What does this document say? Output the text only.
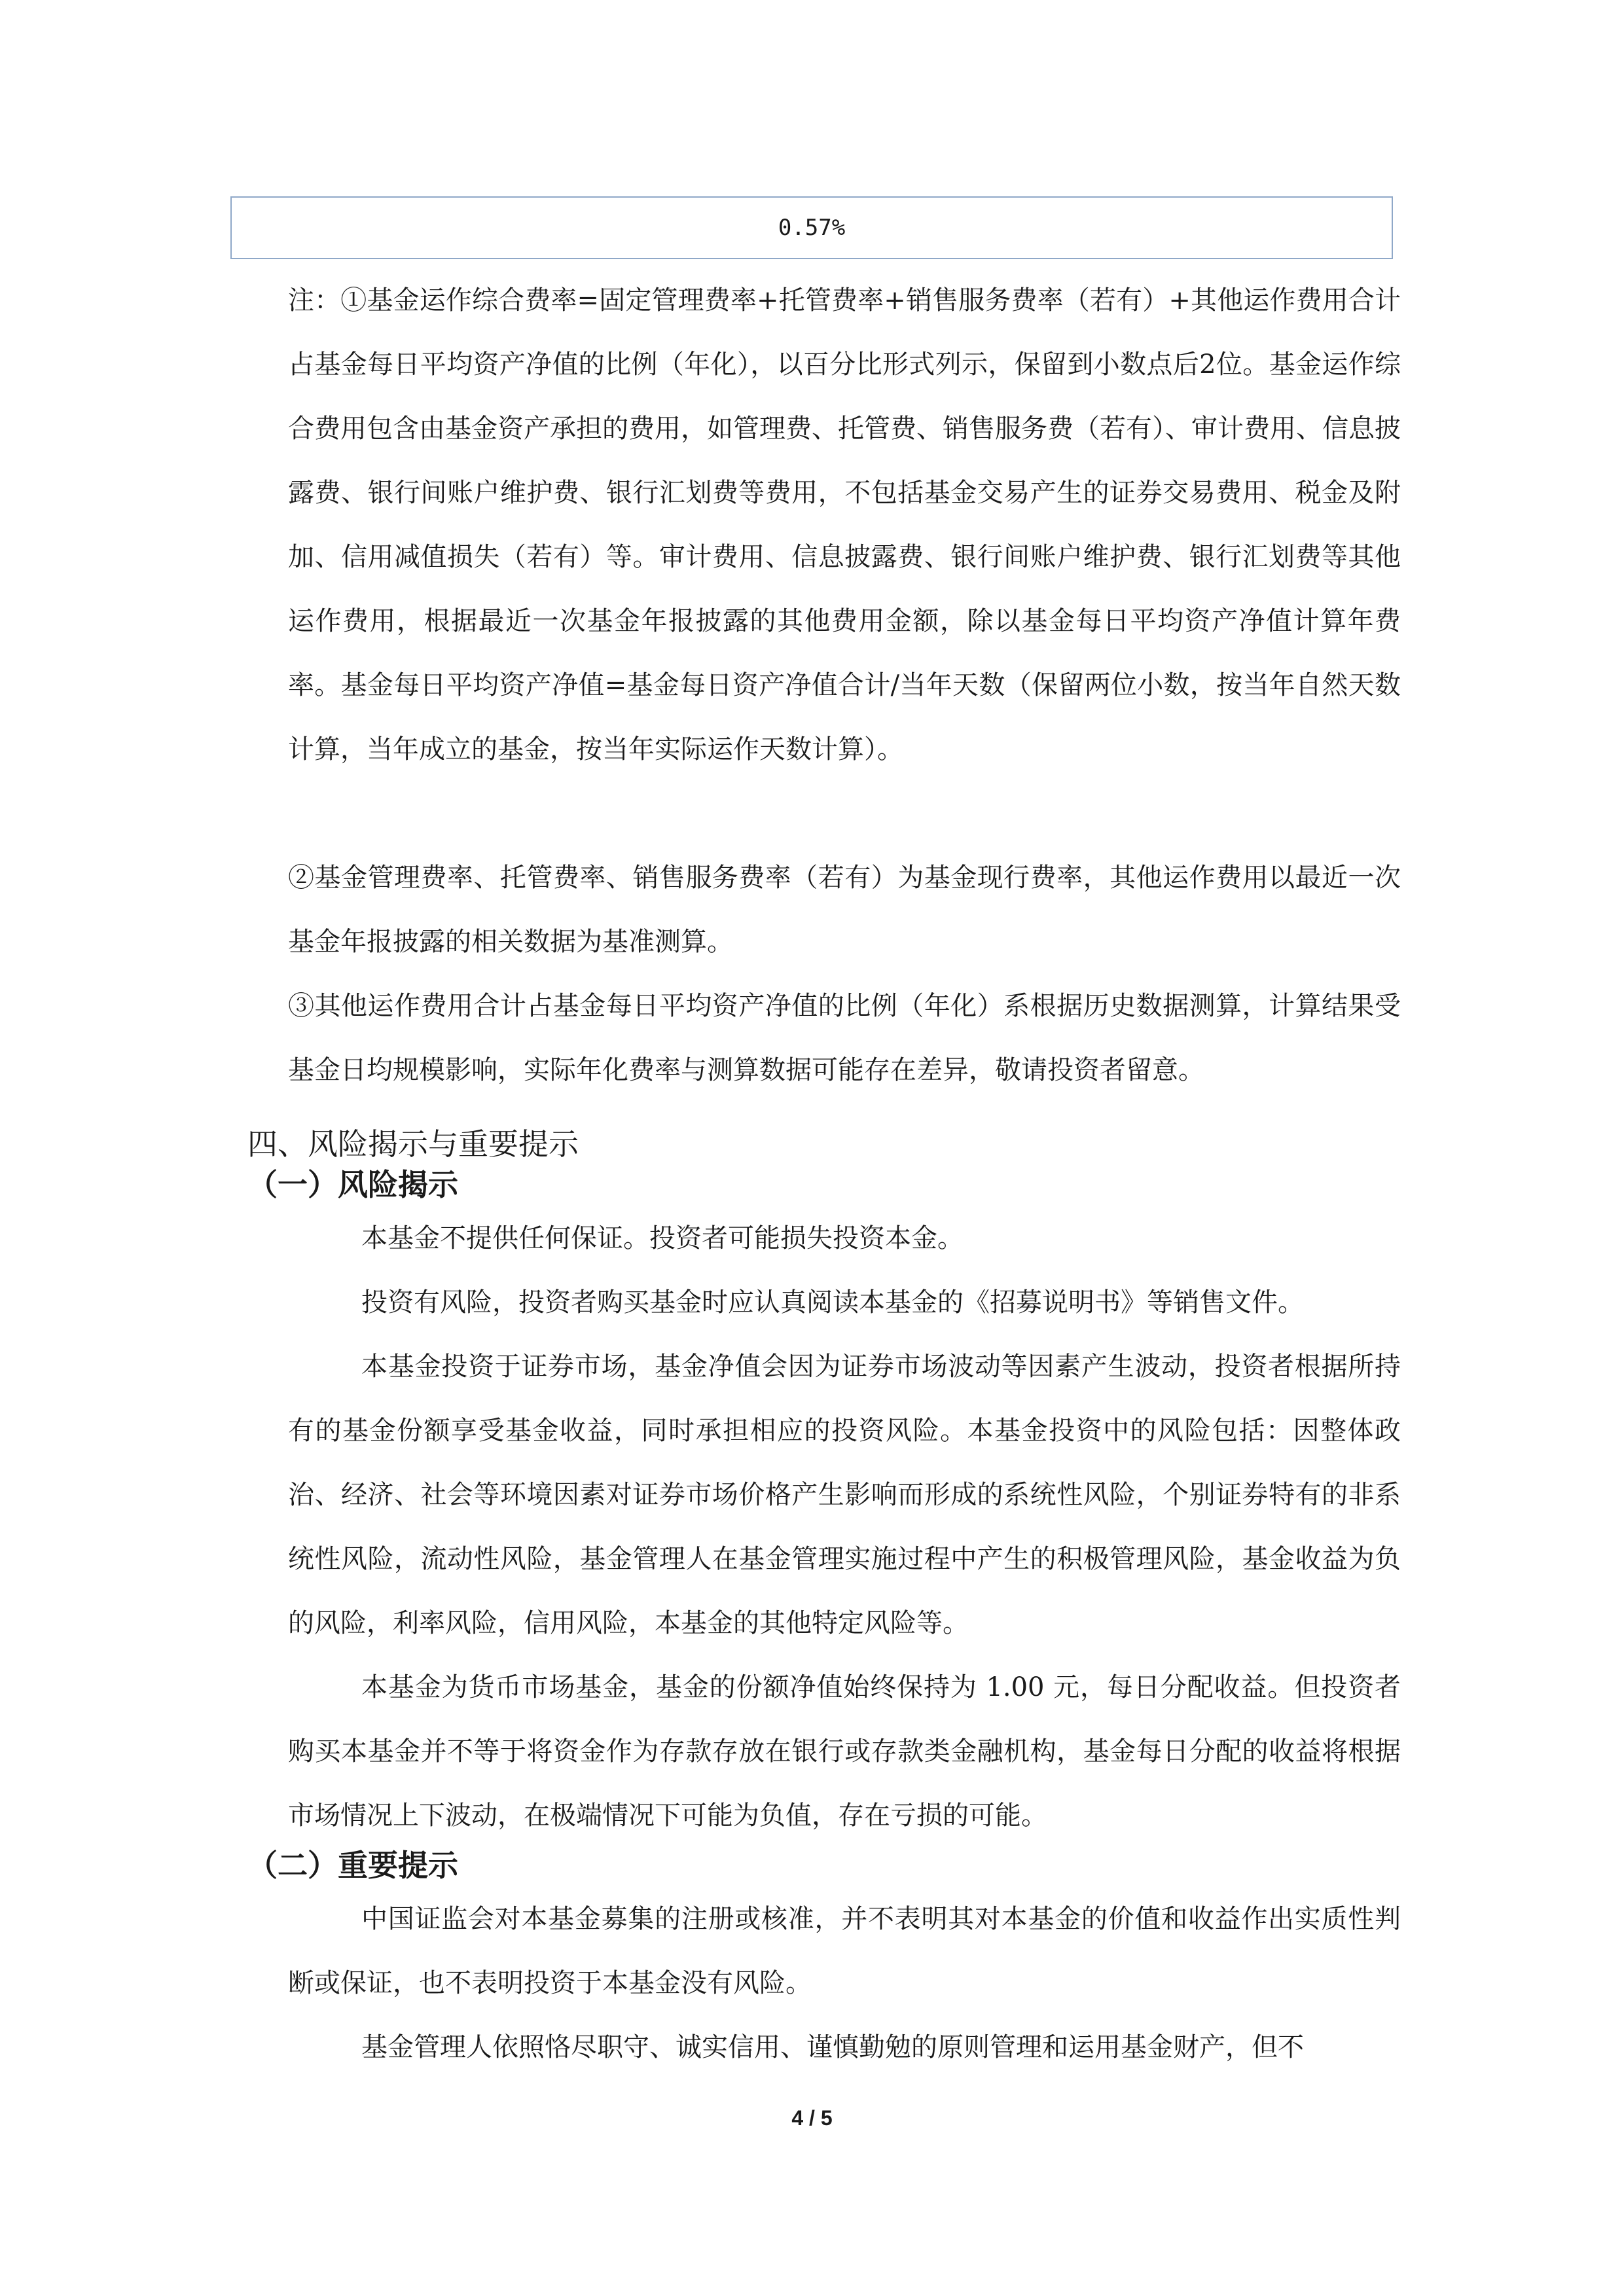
0.57%

注：①基金运作综合费率=固定管理费率+托管费率+销售服务费率（若有）+其他运作费用合计占基金每日平均资产净值的比例（年化），以百分比形式列示，保留到小数点后2位。基金运作综合费用包含由基金资产承担的费用，如管理费、托管费、销售服务费（若有）、审计费用、信息披露费、银行间账户维护费、银行汇划费等费用，不包括基金交易产生的证券交易费用、税金及附加、信用减值损失（若有）等。审计费用、信息披露费、银行间账户维护费、银行汇划费等其他运作费用，根据最近一次基金年报披露的其他费用金额，除以基金每日平均资产净值计算年费率。基金每日平均资产净值=基金每日资产净值合计/当年天数（保留两位小数，按当年自然天数计算，当年成立的基金，按当年实际运作天数计算）。

②基金管理费率、托管费率、销售服务费率（若有）为基金现行费率，其他运作费用以最近一次基金年报披露的相关数据为基准测算。

③其他运作费用合计占基金每日平均资产净值的比例（年化）系根据历史数据测算，计算结果受基金日均规模影响，实际年化费率与测算数据可能存在差异，敬请投资者留意。

四、风险揭示与重要提示
（一）风险揭示

本基金不提供任何保证。投资者可能损失投资本金。

投资有风险，投资者购买基金时应认真阅读本基金的《招募说明书》等销售文件。

本基金投资于证券市场，基金净值会因为证券市场波动等因素产生波动，投资者根据所持有的基金份额享受基金收益，同时承担相应的投资风险。本基金投资中的风险包括：因整体政治、经济、社会等环境因素对证券市场价格产生影响而形成的系统性风险，个别证券特有的非系统性风险，流动性风险，基金管理人在基金管理实施过程中产生的积极管理风险，基金收益为负的风险，利率风险，信用风险，本基金的其他特定风险等。

本基金为货币市场基金，基金的份额净值始终保持为 1.00 元，每日分配收益。但投资者购买本基金并不等于将资金作为存款存放在银行或存款类金融机构，基金每日分配的收益将根据市场情况上下波动，在极端情况下可能为负值，存在亏损的可能。

（二）重要提示

中国证监会对本基金募集的注册或核准，并不表明其对本基金的价值和收益作出实质性判断或保证，也不表明投资于本基金没有风险。

基金管理人依照恪尽职守、诚实信用、谨慎勤勉的原则管理和运用基金财产，但不

4 / 5
